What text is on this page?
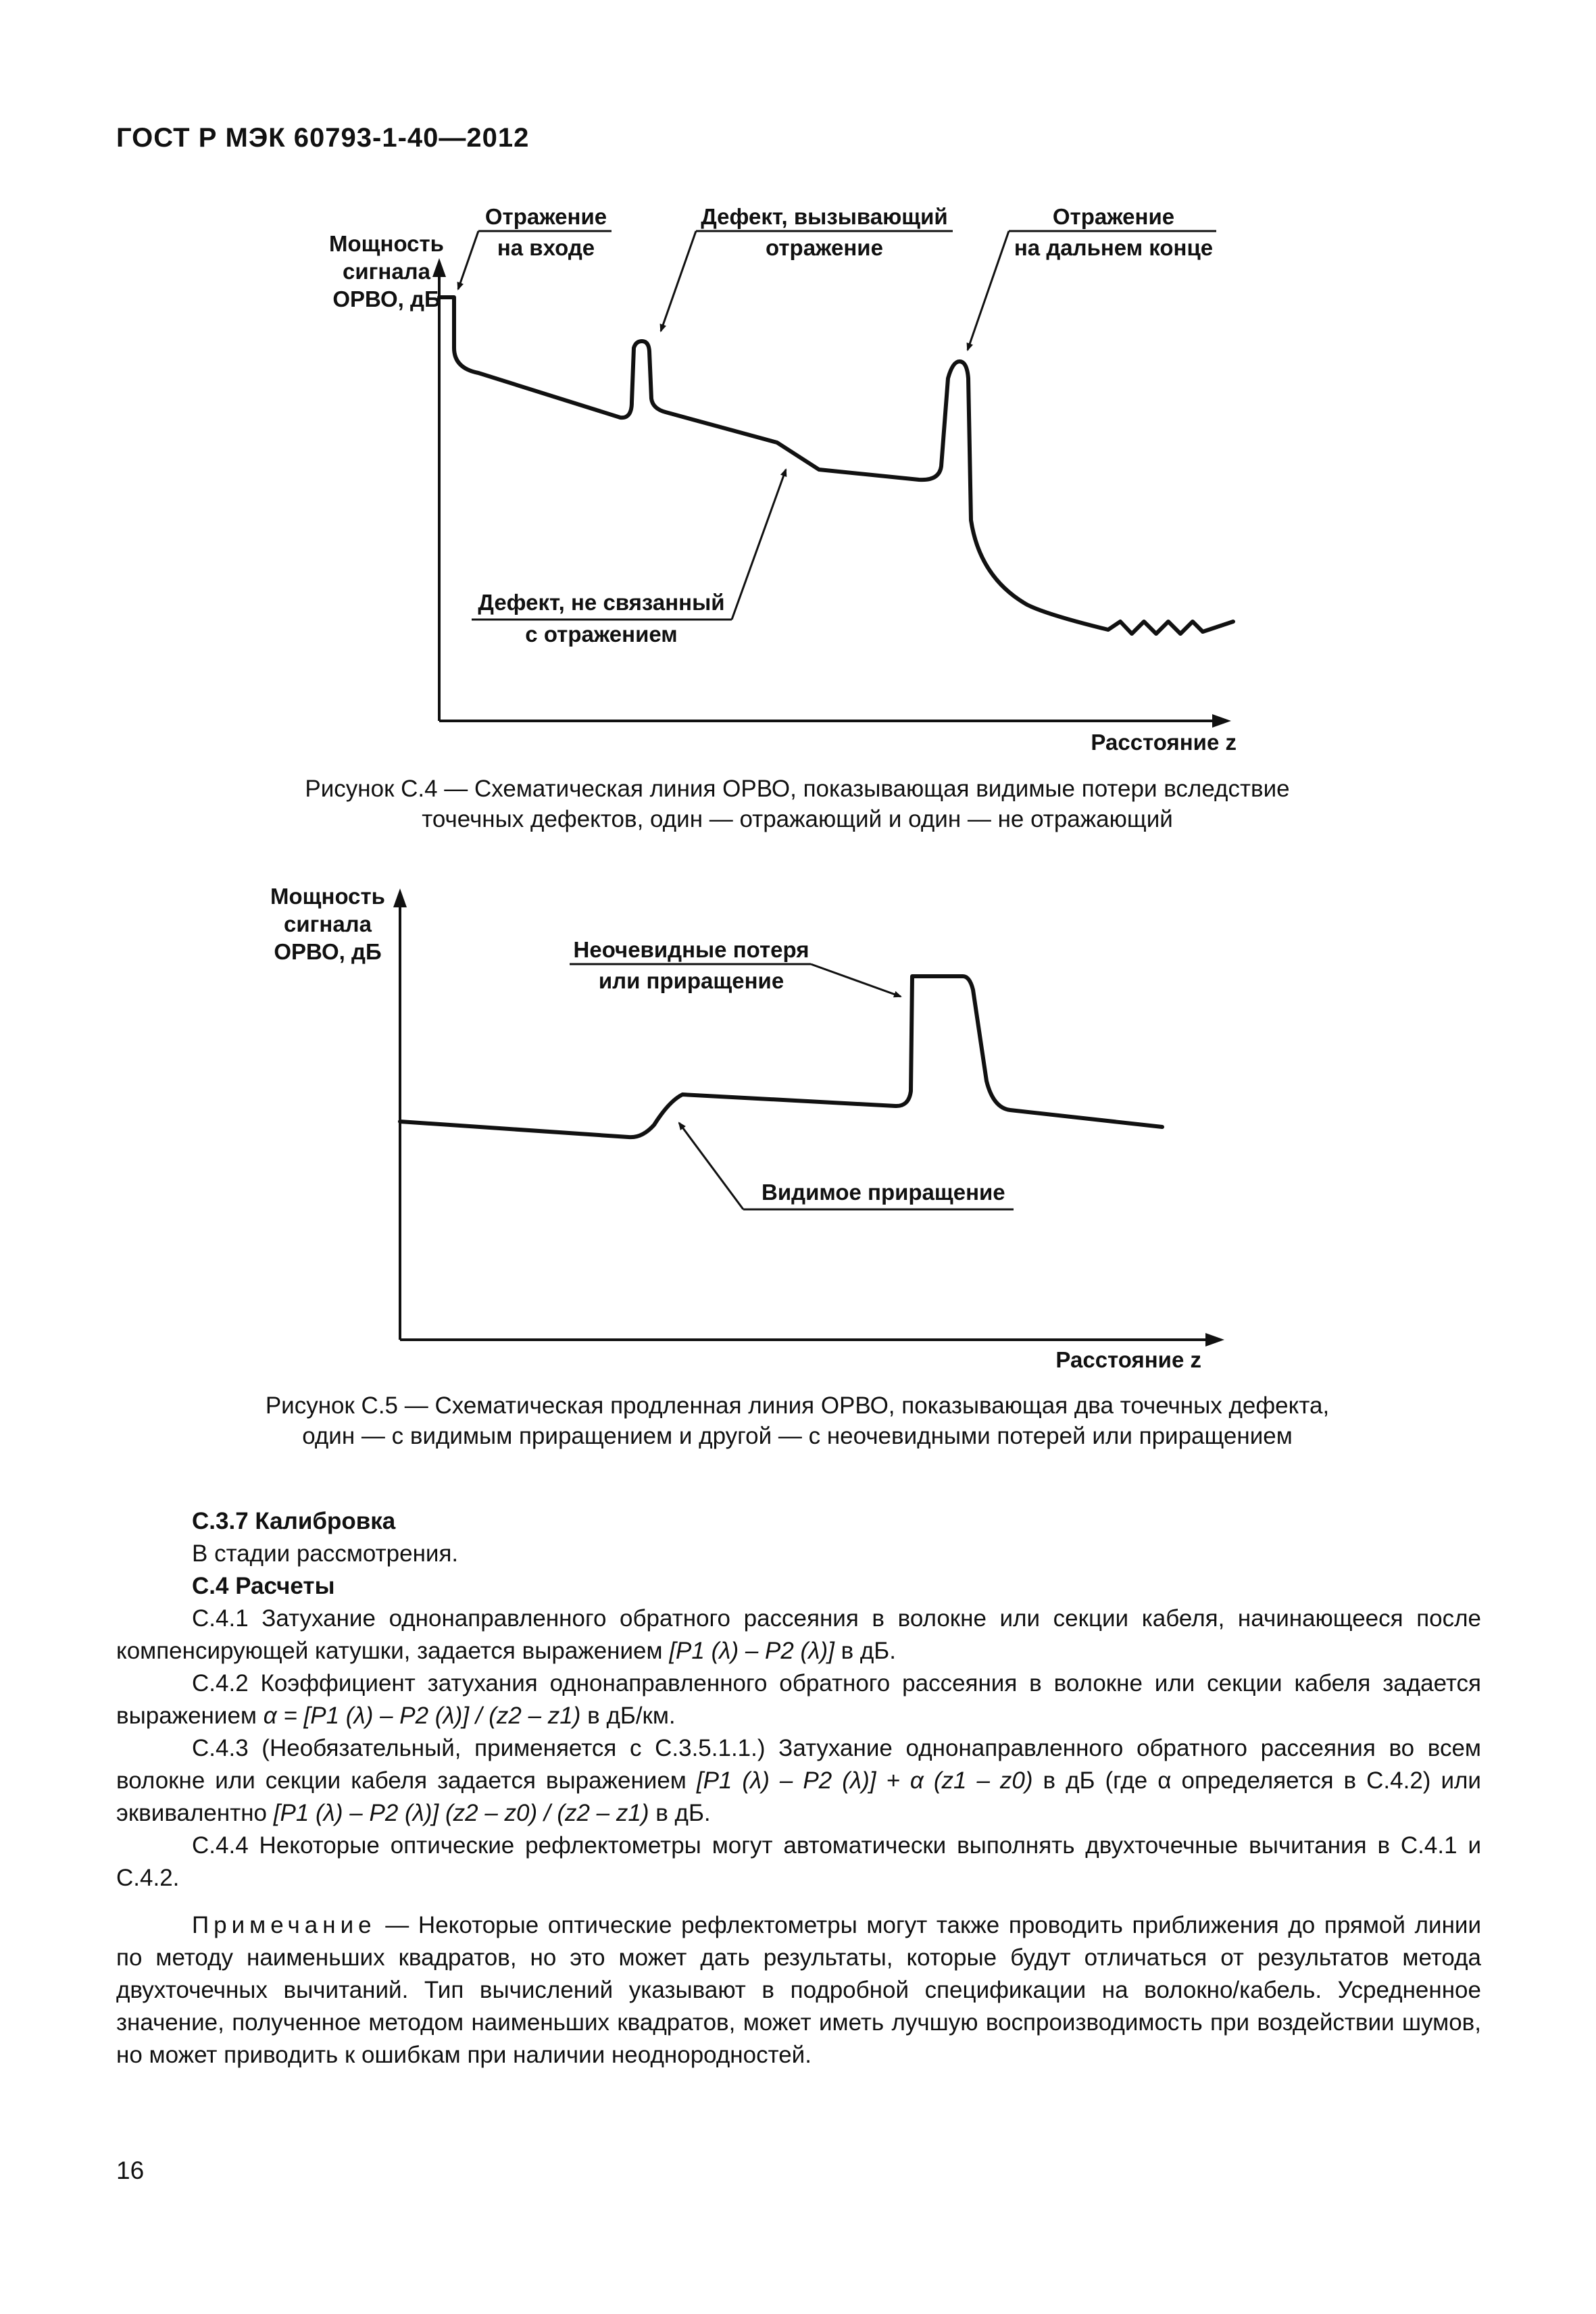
ГОСТ Р МЭК 60793-1-40—2012
Мощность
сигнала
ОРВО, дБ
Расстояние z
Отражение
на входе
Дефект, вызывающий
отражение
Отражение
на дальнем конце
Дефект, не связанный
с отражением
Рисунок С.4 — Схематическая линия ОРВО, показывающая видимые потери вследствие точечных дефектов, один — отражающий и один — не отражающий
Мощность
сигнала
ОРВО, дБ
Расстояние z
Неочевидные потеря
или приращение
Видимое приращение
Рисунок С.5 — Схематическая продленная линия ОРВО, показывающая два точечных дефекта, один — с видимым приращением и другой — с неочевидными потерей или приращением

С.3.7 Калибровка

В стадии рассмотрения.

С.4 Расчеты

С.4.1 Затухание однонаправленного обратного рассеяния в волокне или секции кабеля, начинающееся после компенсирующей катушки, задается выражением [P1 (λ) – P2 (λ)] в дБ.

С.4.2 Коэффициент затухания однонаправленного обратного рассеяния в волокне или секции кабеля задается выражением α = [P1 (λ) – P2 (λ)] / (z2 – z1) в дБ/км.

С.4.3 (Необязательный, применяется с С.3.5.1.1.) Затухание однонаправленного обратного рассеяния во всем волокне или секции кабеля задается выражением [P1 (λ) – P2 (λ)] + α (z1 – z0) в дБ (где α определяется в С.4.2) или эквивалентно [P1 (λ) – P2 (λ)] (z2 – z0) / (z2 – z1) в дБ.

С.4.4 Некоторые оптические рефлектометры могут автоматически выполнять двухточечные вычитания в С.4.1 и С.4.2.

Примечание — Некоторые оптические рефлектометры могут также проводить приближения до прямой линии по методу наименьших квадратов, но это может дать результаты, которые будут отличаться от результатов метода двухточечных вычитаний. Тип вычислений указывают в подробной спецификации на волокно/кабель. Усредненное значение, полученное методом наименьших квадратов, может иметь лучшую воспроизводимость при воздействии шумов, но может приводить к ошибкам при наличии неоднородностей.

16
